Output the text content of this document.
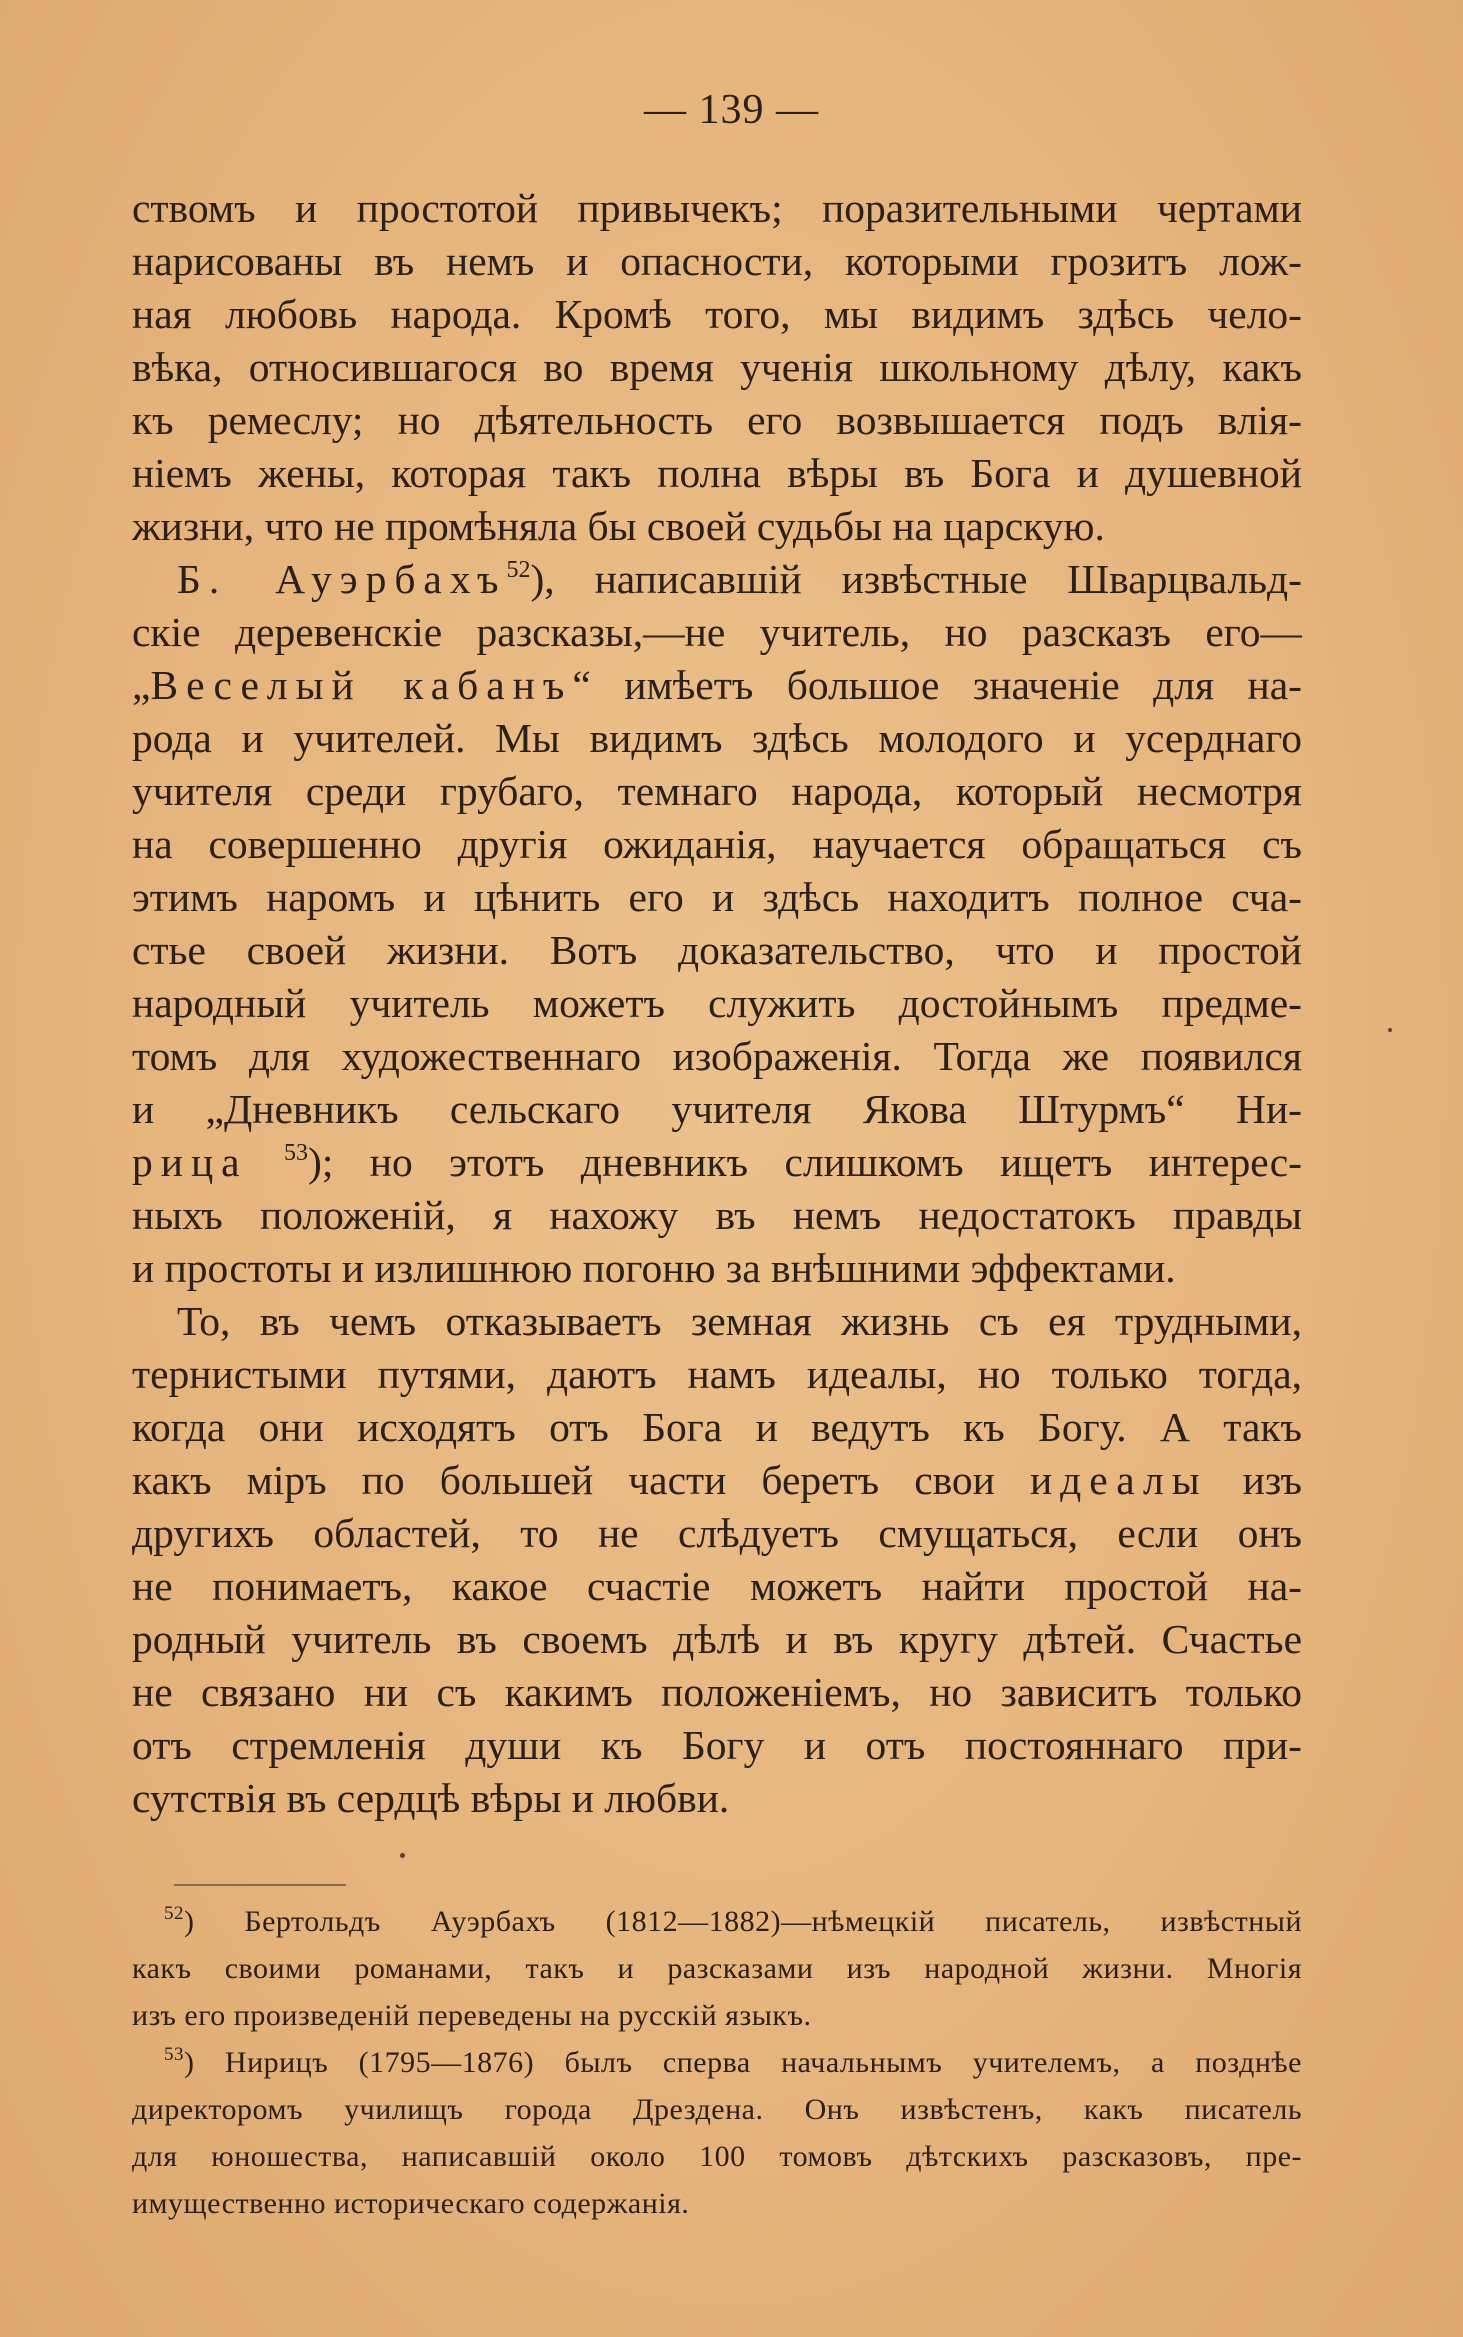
— 139 —
ствомъ и простотой привычекъ; поразительными чертами
нарисованы въ немъ и опасности, которыми грозитъ лож-
ная любовь народа. Кромѣ того, мы видимъ здѣсь чело-
вѣка, относившагося во время ученія школьному дѣлу, какъ
къ ремеслу; но дѣятельность его возвышается подъ влія-
ніемъ жены, которая такъ полна вѣры въ Бога и душевной
жизни, что не промѣняла бы своей судьбы на царскую.
Б. Ауэрбахъ$^{52}$), написавшій извѣстные Шварцвальд-
скіе деревенскіе разсказы,—не учитель, но разсказъ его—
„Веселый кабанъ“ имѣетъ большое значеніе для на-
рода и учителей. Мы видимъ здѣсь молодого и усерднаго
учителя среди грубаго, темнаго народа, который несмотря
на совершенно другія ожиданія, научается обращаться съ
этимъ наромъ и цѣнить его и здѣсь находитъ полное сча-
стье своей жизни. Вотъ доказательство, что и простой
народный учитель можетъ служить достойнымъ предме-
томъ для художественнаго изображенія. Тогда же появился
и „Дневникъ сельскаго учителя Якова Штурмъ“ Ни-
рица $^{53}$); но этотъ дневникъ слишкомъ ищетъ интерес-
ныхъ положеній, я нахожу въ немъ недостатокъ правды
и простоты и излишнюю погоню за внѣшними эффектами.
То, въ чемъ отказываетъ земная жизнь съ ея трудными,
тернистыми путями, даютъ намъ идеалы, но только тогда,
когда они исходятъ отъ Бога и ведутъ къ Богу. А такъ
какъ міръ по большей части беретъ свои идеалы изъ
другихъ областей, то не слѣдуетъ смущаться, если онъ
не понимаетъ, какое счастіе можетъ найти простой на-
родный учитель въ своемъ дѣлѣ и въ кругу дѣтей. Счастье
не связано ни съ какимъ положеніемъ, но зависитъ только
отъ стремленія души къ Богу и отъ постояннаго при-
сутствія въ сердцѣ вѣры и любви.
$^{52}$) Бертольдъ Ауэрбахъ (1812—1882)—нѣмецкій писатель, извѣстный
какъ своими романами, такъ и разсказами изъ народной жизни. Многія
изъ его произведеній переведены на русскій языкъ.
$^{53}$) Нирицъ (1795—1876) былъ сперва начальнымъ учителемъ, а позднѣе
директоромъ училищъ города Дрездена. Онъ извѣстенъ, какъ писатель
для юношества, написавшій около 100 томовъ дѣтскихъ разсказовъ, пре-
имущественно историческаго содержанія.
